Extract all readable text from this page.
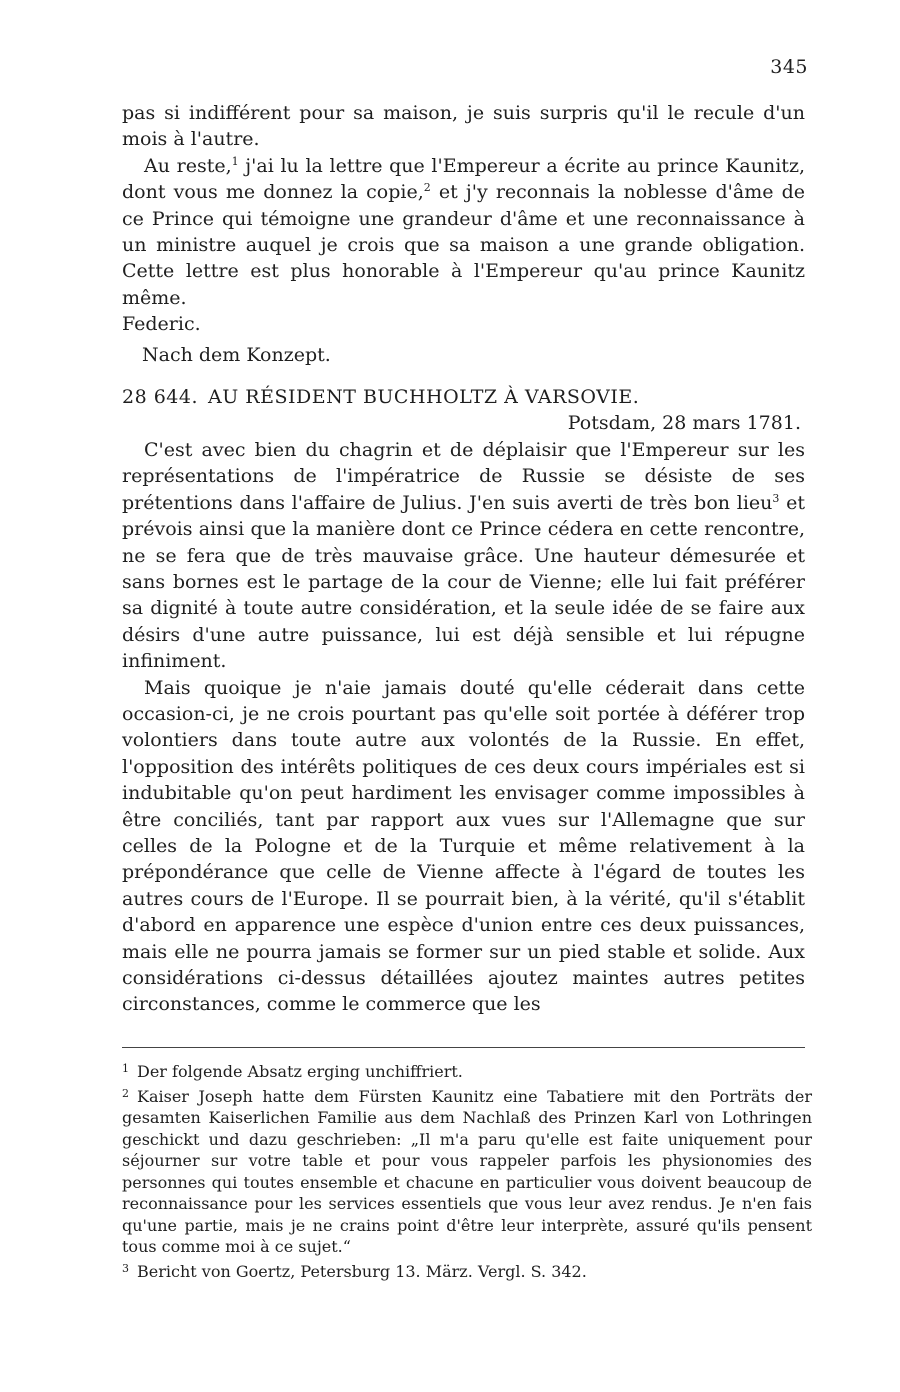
345

pas si indifférent pour sa maison, je suis surpris qu'il le recule d'un mois à l'autre.

Au reste,$^1$ j'ai lu la lettre que l'Empereur a écrite au prince Kaunitz, dont vous me donnez la copie,$^2$ et j'y reconnais la noblesse d'âme de ce Prince qui témoigne une grandeur d'âme et une reconnaissance à un ministre auquel je crois que sa maison a une grande obligation. Cette lettre est plus honorable à l'Empereur qu'au prince Kaunitz même.

Federic.

Nach dem Konzept.

28 644. AU RÉSIDENT BUCHHOLTZ À VARSOVIE.

Potsdam, 28 mars 1781.

C'est avec bien du chagrin et de déplaisir que l'Empereur sur les représentations de l'impératrice de Russie se désiste de ses prétentions dans l'affaire de Julius. J'en suis averti de très bon lieu$^3$ et prévois ainsi que la manière dont ce Prince cédera en cette rencontre, ne se fera que de très mauvaise grâce. Une hauteur démesurée et sans bornes est le partage de la cour de Vienne; elle lui fait préférer sa dignité à toute autre considération, et la seule idée de se faire aux désirs d'une autre puissance, lui est déjà sensible et lui répugne infiniment.

Mais quoique je n'aie jamais douté qu'elle céderait dans cette occasion-ci, je ne crois pourtant pas qu'elle soit portée à déférer trop volontiers dans toute autre aux volontés de la Russie. En effet, l'opposition des intérêts politiques de ces deux cours impériales est si indubitable qu'on peut hardiment les envisager comme impossibles à être conciliés, tant par rapport aux vues sur l'Allemagne que sur celles de la Pologne et de la Turquie et même relativement à la prépondérance que celle de Vienne affecte à l'égard de toutes les autres cours de l'Europe. Il se pourrait bien, à la vérité, qu'il s'établit d'abord en apparence une espèce d'union entre ces deux puissances, mais elle ne pourra jamais se former sur un pied stable et solide. Aux considérations ci-dessus détaillées ajoutez maintes autres petites circonstances, comme le commerce que les

$^1$ Der folgende Absatz erging unchiffriert.

$^2$ Kaiser Joseph hatte dem Fürsten Kaunitz eine Tabatiere mit den Porträts der gesamten Kaiserlichen Familie aus dem Nachlaß des Prinzen Karl von Lothringen geschickt und dazu geschrieben: „Il m'a paru qu'elle est faite uniquement pour séjourner sur votre table et pour vous rappeler parfois les physionomies des personnes qui toutes ensemble et chacune en particulier vous doivent beaucoup de reconnaissance pour les services essentiels que vous leur avez rendus. Je n'en fais qu'une partie, mais je ne crains point d'être leur interprète, assuré qu'ils pensent tous comme moi à ce sujet.“

$^3$ Bericht von Goertz, Petersburg 13. März. Vergl. S. 342.
